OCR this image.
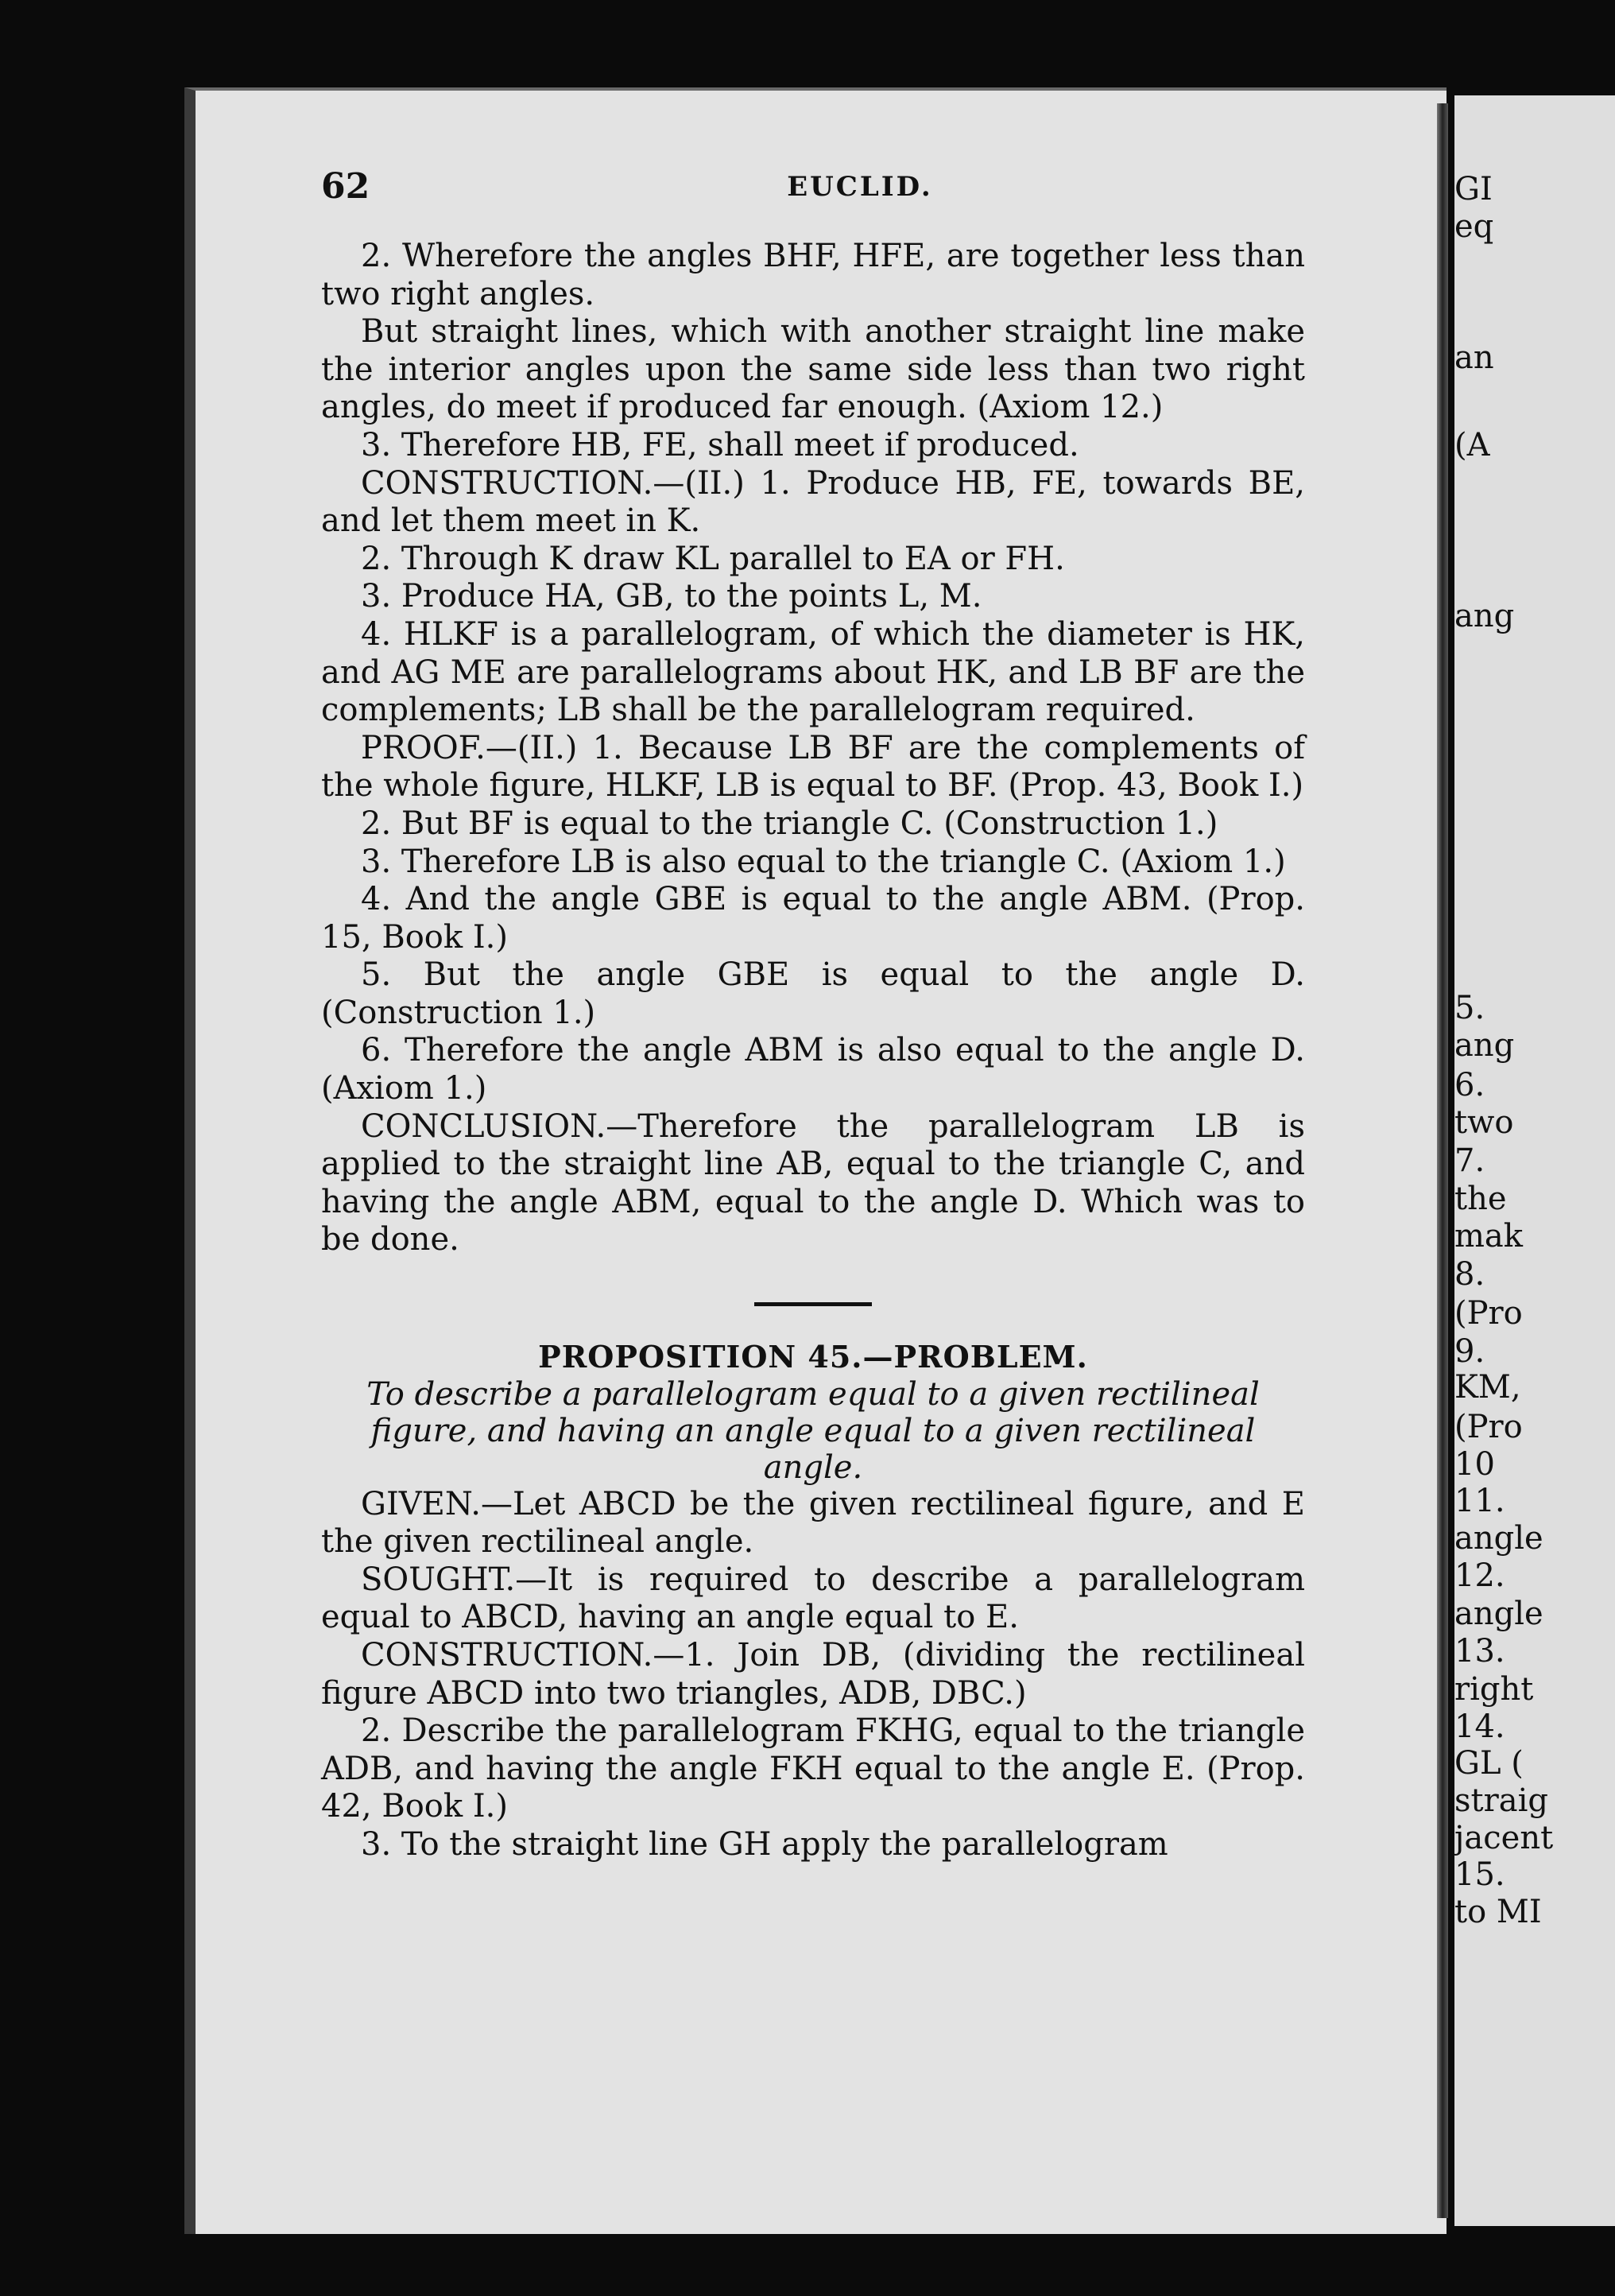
62	EUCLID.

2. Wherefore the angles BHF, HFE, are together less than two right angles.

But straight lines, which with another straight line make the interior angles upon the same side less than two right angles, do meet if produced far enough. (Axiom 12.)

3. Therefore HB, FE, shall meet if produced.

CONSTRUCTION.—(II.) 1. Produce HB, FE, towards BE, and let them meet in K.

2. Through K draw KL parallel to EA or FH.

3. Produce HA, GB, to the points L, M.

4. HLKF is a parallelogram, of which the diameter is HK, and AG ME are parallelograms about HK, and LB BF are the complements; LB shall be the parallelogram required.

PROOF.—(II.) 1. Because LB BF are the complements of the whole figure, HLKF, LB is equal to BF. (Prop. 43, Book I.)

2. But BF is equal to the triangle C. (Construction 1.)

3. Therefore LB is also equal to the triangle C. (Axiom 1.)

4. And the angle GBE is equal to the angle ABM. (Prop. 15, Book I.)

5. But the angle GBE is equal to the angle D. (Construction 1.)

6. Therefore the angle ABM is also equal to the angle D. (Axiom 1.)

CONCLUSION.—Therefore the parallelogram LB is applied to the straight line AB, equal to the triangle C, and having the angle ABM, equal to the angle D. Which was to be done.

PROPOSITION 45.—PROBLEM.

To describe a parallelogram equal to a given rectilineal figure, and having an angle equal to a given rectilineal angle.

GIVEN.—Let ABCD be the given rectilineal figure, and E the given rectilineal angle.

SOUGHT.—It is required to describe a parallelogram equal to ABCD, having an angle equal to E.

CONSTRUCTION.—1. Join DB, (dividing the rectilineal figure ABCD into two triangles, ADB, DBC.)

2. Describe the parallelogram FKHG, equal to the triangle ADB, and having the angle FKH equal to the angle E. (Prop. 42, Book I.)

3. To the straight line GH apply the parallelogram

GI
eq
an
(A
ang
5.
ang
6.
two
7.
the
mak
8.
(Pro
9.
KM,
(Pro
10
11.
angle
12.
angle
13.
right
14.
GL (
straig
jacent
15.
to MI
